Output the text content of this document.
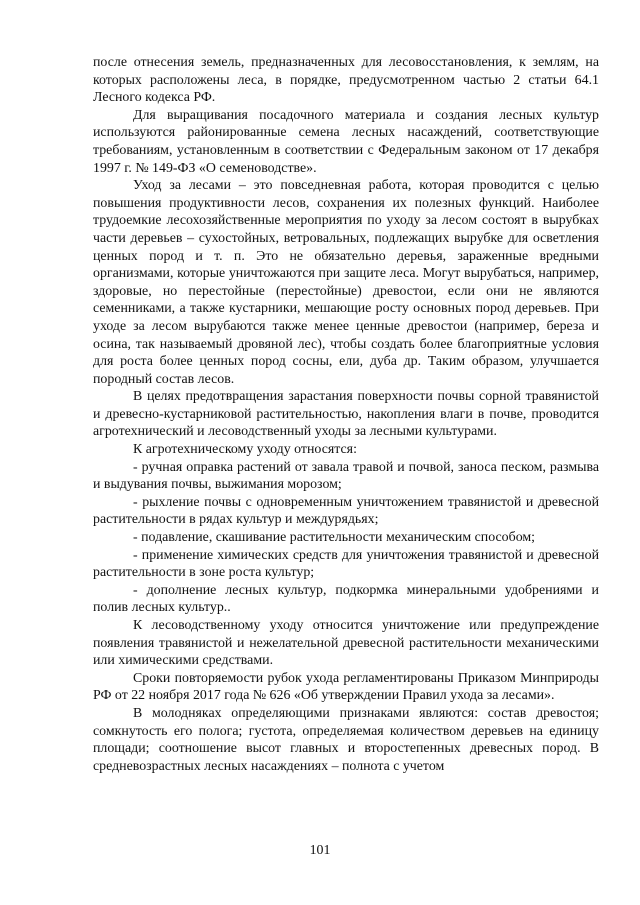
после отнесения земель, предназначенных для лесовосстановления, к землям, на которых расположены леса, в порядке, предусмотренном частью 2 статьи 64.1 Лесного кодекса РФ.

Для выращивания посадочного материала и создания лесных культур используются районированные семена лесных насаждений, соответствующие требованиям, установленным в соответствии с Федеральным законом от 17 декабря 1997 г. № 149-ФЗ «О семеноводстве».

Уход за лесами – это повседневная работа, которая проводится с целью повышения продуктивности лесов, сохранения их полезных функций. Наиболее трудоемкие лесохозяйственные мероприятия по уходу за лесом состоят в вырубках части деревьев – сухостойных, ветровальных, подлежащих вырубке для осветления ценных пород и т. п. Это не обязательно деревья, зараженные вредными организмами, которые уничтожаются при защите леса. Могут вырубаться, например, здоровые, но перестойные (перестойные) древостои, если они не являются семенниками, а также кустарники, мешающие росту основных пород деревьев. При уходе за лесом вырубаются также менее ценные древостои (например, береза и осина, так называемый дровяной лес), чтобы создать более благоприятные условия для роста более ценных пород сосны, ели, дуба др. Таким образом, улучшается породный состав лесов.

В целях предотвращения зарастания поверхности почвы сорной травянистой и древесно-кустарниковой растительностью, накопления влаги в почве, проводится агротехнический и лесоводственный уходы за лесными культурами.

К агротехническому уходу относятся:

- ручная оправка растений от завала травой и почвой, заноса песком, размыва и выдувания почвы, выжимания морозом;

- рыхление почвы с одновременным уничтожением травянистой и древесной растительности в рядах культур и междурядьях;

- подавление, скашивание растительности механическим способом;

- применение химических средств для уничтожения травянистой и древесной растительности в зоне роста культур;

- дополнение лесных культур, подкормка минеральными удобрениями и полив лесных культур..

К лесоводственному уходу относится уничтожение или предупреждение появления травянистой и нежелательной древесной растительности механическими или химическими средствами.

Сроки повторяемости рубок ухода регламентированы Приказом Минприроды РФ от 22 ноября 2017 года № 626 «Об утверждении Правил ухода за лесами».

В молодняках определяющими признаками являются: состав древостоя; сомкнутость его полога; густота, определяемая количеством деревьев на единицу площади; соотношение высот главных и второстепенных древесных пород. В средневозрастных лесных насаждениях – полнота с учетом

101
